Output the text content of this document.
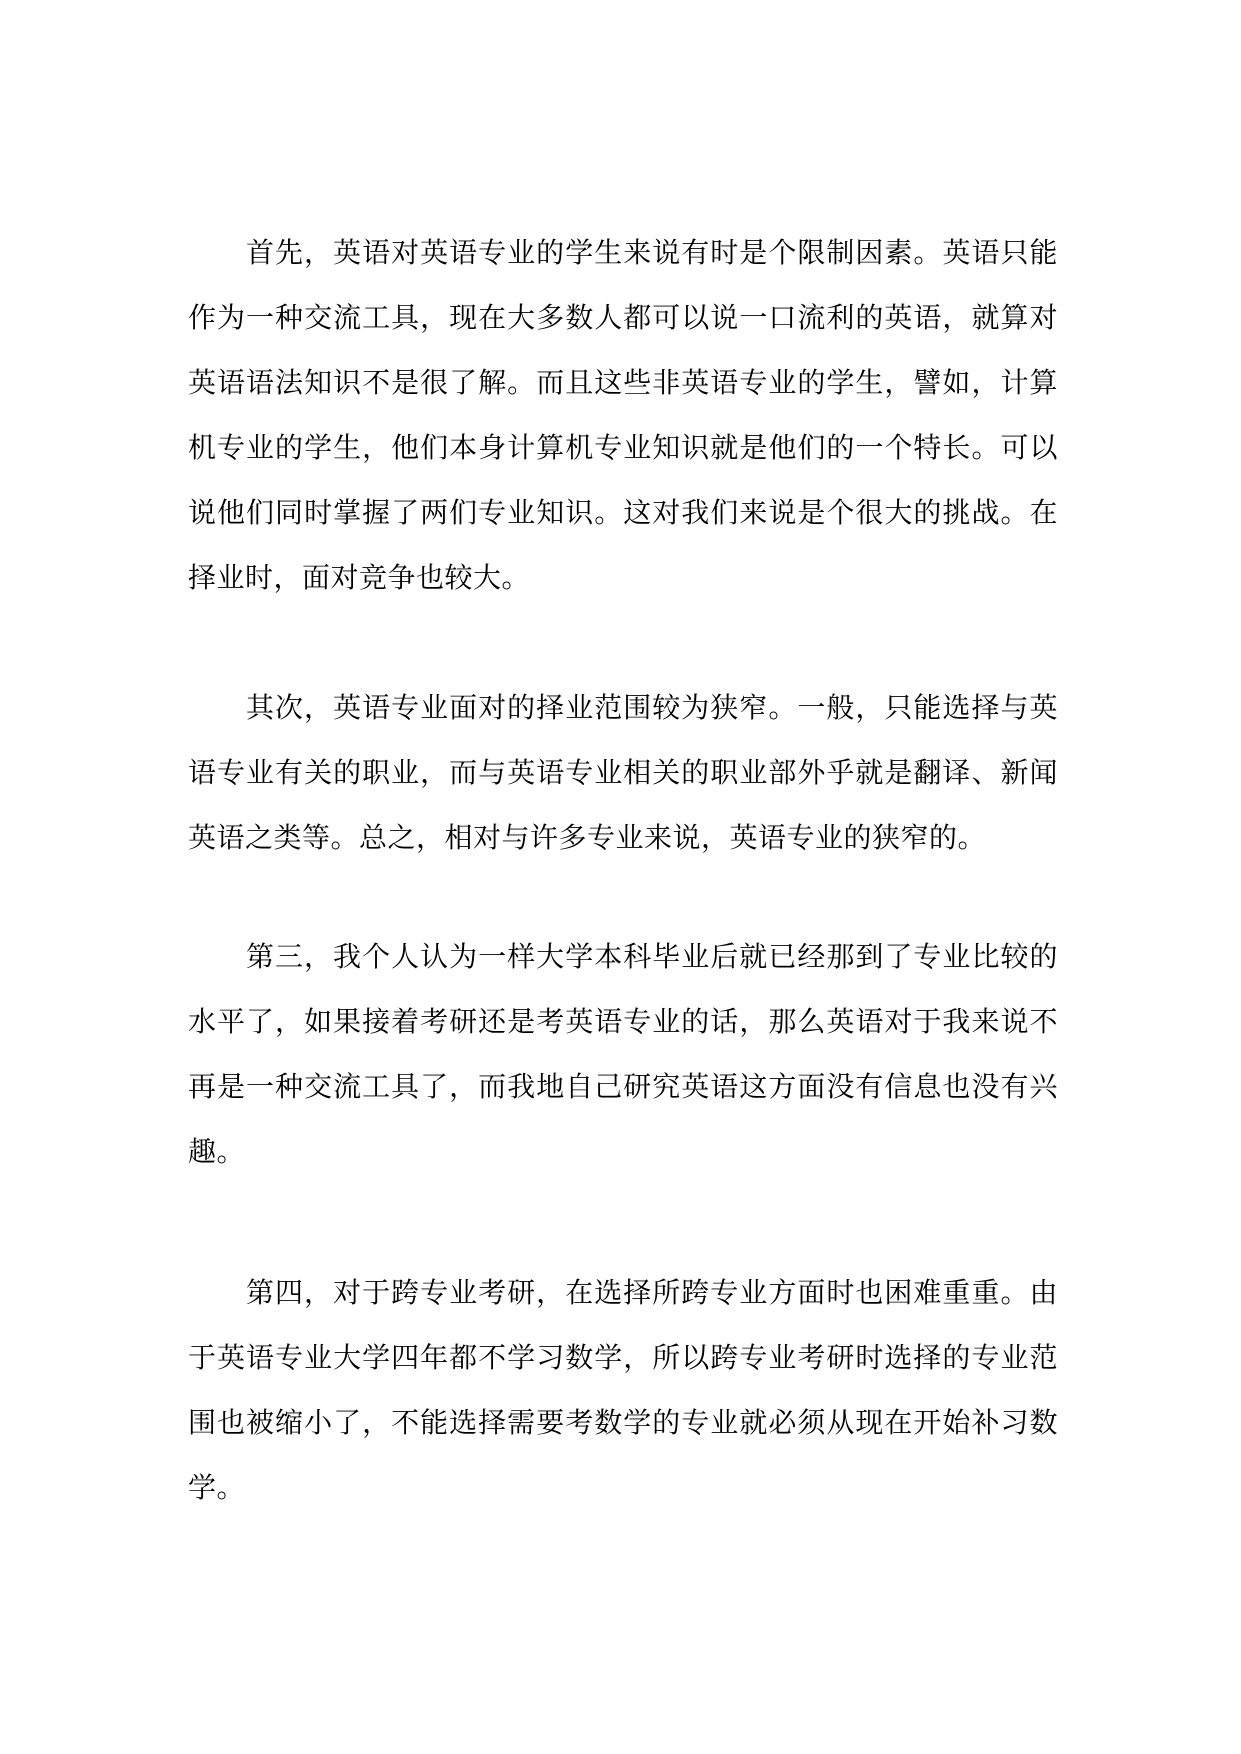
首先，英语对英语专业的学生来说有时是个限制因素。英语只能作为一种交流工具，现在大多数人都可以说一口流利的英语，就算对英语语法知识不是很了解。而且这些非英语专业的学生，譬如，计算机专业的学生，他们本身计算机专业知识就是他们的一个特长。可以说他们同时掌握了两们专业知识。这对我们来说是个很大的挑战。在择业时，面对竞争也较大。

其次，英语专业面对的择业范围较为狭窄。一般，只能选择与英语专业有关的职业，而与英语专业相关的职业部外乎就是翻译、新闻英语之类等。总之，相对与许多专业来说，英语专业的狭窄的。

第三，我个人认为一样大学本科毕业后就已经那到了专业比较的水平了，如果接着考研还是考英语专业的话，那么英语对于我来说不再是一种交流工具了，而我地自己研究英语这方面没有信息也没有兴趣。

第四，对于跨专业考研，在选择所跨专业方面时也困难重重。由于英语专业大学四年都不学习数学，所以跨专业考研时选择的专业范围也被缩小了，不能选择需要考数学的专业就必须从现在开始补习数学。
